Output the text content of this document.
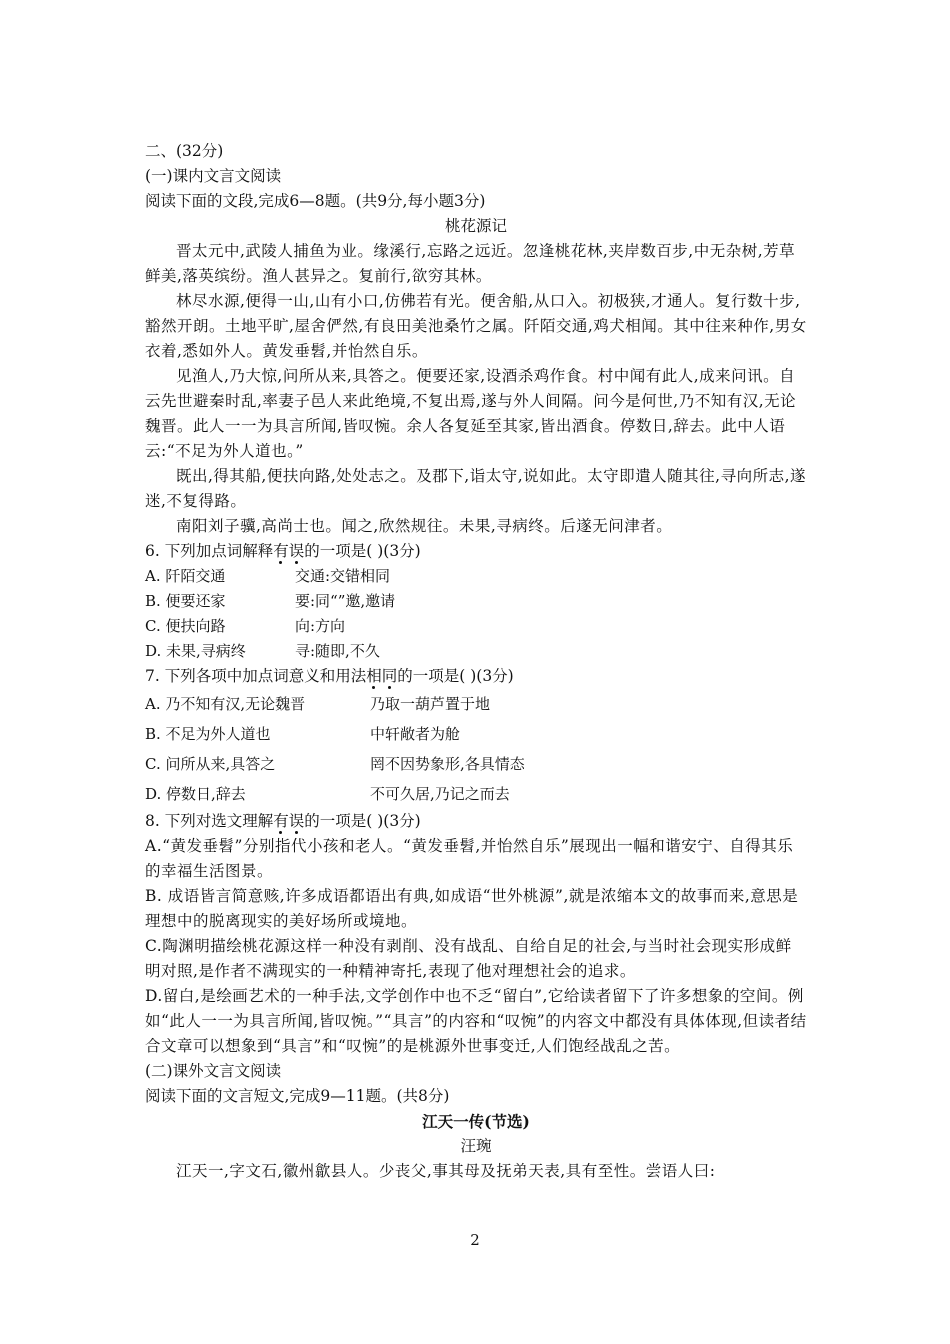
二、(32分)
(一)课内文言文阅读
阅读下面的文段,完成6—8题。(共9分,每小题3分)
桃花源记

晋太元中,武陵人捕鱼为业。缘溪行,忘路之远近。忽逢桃花林,夹岸数百步,中无杂树,芳草鲜美,落英缤纷。渔人甚异之。复前行,欲穷其林。

林尽水源,便得一山,山有小口,仿佛若有光。便舍船,从口入。初极狭,才通人。复行数十步,豁然开朗。土地平旷,屋舍俨然,有良田美池桑竹之属。阡陌交通,鸡犬相闻。其中往来种作,男女衣着,悉如外人。黄发垂髫,并怡然自乐。

见渔人,乃大惊,问所从来,具答之。便要还家,设酒杀鸡作食。村中闻有此人,成来问讯。自云先世避秦时乱,率妻子邑人来此绝境,不复出焉,遂与外人间隔。问今是何世,乃不知有汉,无论魏晋。此人一一为具言所闻,皆叹惋。余人各复延至其家,皆出酒食。停数日,辞去。此中人语云:“不足为外人道也。”

既出,得其船,便扶向路,处处志之。及郡下,诣太守,说如此。太守即遣人随其往,寻向所志,遂迷,不复得路。

南阳刘子骥,高尚士也。闻之,欣然规往。未果,寻病终。后遂无问津者。

6. 下列加点词解释有误的一项是( )(3分)
A. 阡陌交通	交通:交错相同
B. 便要还家	要:同“”邀,邀请
C. 便扶向路	向:方向
D. 未果,寻病终	寻:随即,不久
7. 下列各项中加点词意义和用法相同的一项是( )(3分)
A. 乃不知有汉,无论魏晋	乃取一葫芦置于地
B. 不足为外人道也	中轩敞者为舱
C. 问所从来,具答之	罔不因势象形,各具情态
D. 停数日,辞去	不可久居,乃记之而去
8. 下列对选文理解有误的一项是( )(3分)

A.“黄发垂髫”分别指代小孩和老人。“黄发垂髫,并怡然自乐”展现出一幅和谐安宁、自得其乐的幸福生活图景。

B. 成语皆言简意赅,许多成语都语出有典,如成语“世外桃源”,就是浓缩本文的故事而来,意思是理想中的脱离现实的美好场所或境地。

C.陶渊明描绘桃花源这样一种没有剥削、没有战乱、自给自足的社会,与当时社会现实形成鲜明对照,是作者不满现实的一种精神寄托,表现了他对理想社会的追求。

D.留白,是绘画艺术的一种手法,文学创作中也不乏“留白”,它给读者留下了许多想象的空间。例如“此人一一为具言所闻,皆叹惋。”“具言”的内容和“叹惋”的内容文中都没有具体体现,但读者结合文章可以想象到“具言”和“叹惋”的是桃源外世事变迁,人们饱经战乱之苦。

(二)课外文言文阅读
阅读下面的文言短文,完成9—11题。(共8分)
江天一传(节选)
汪琬

江天一,字文石,徽州歙县人。少丧父,事其母及抚弟天表,具有至性。尝语人曰:

2
